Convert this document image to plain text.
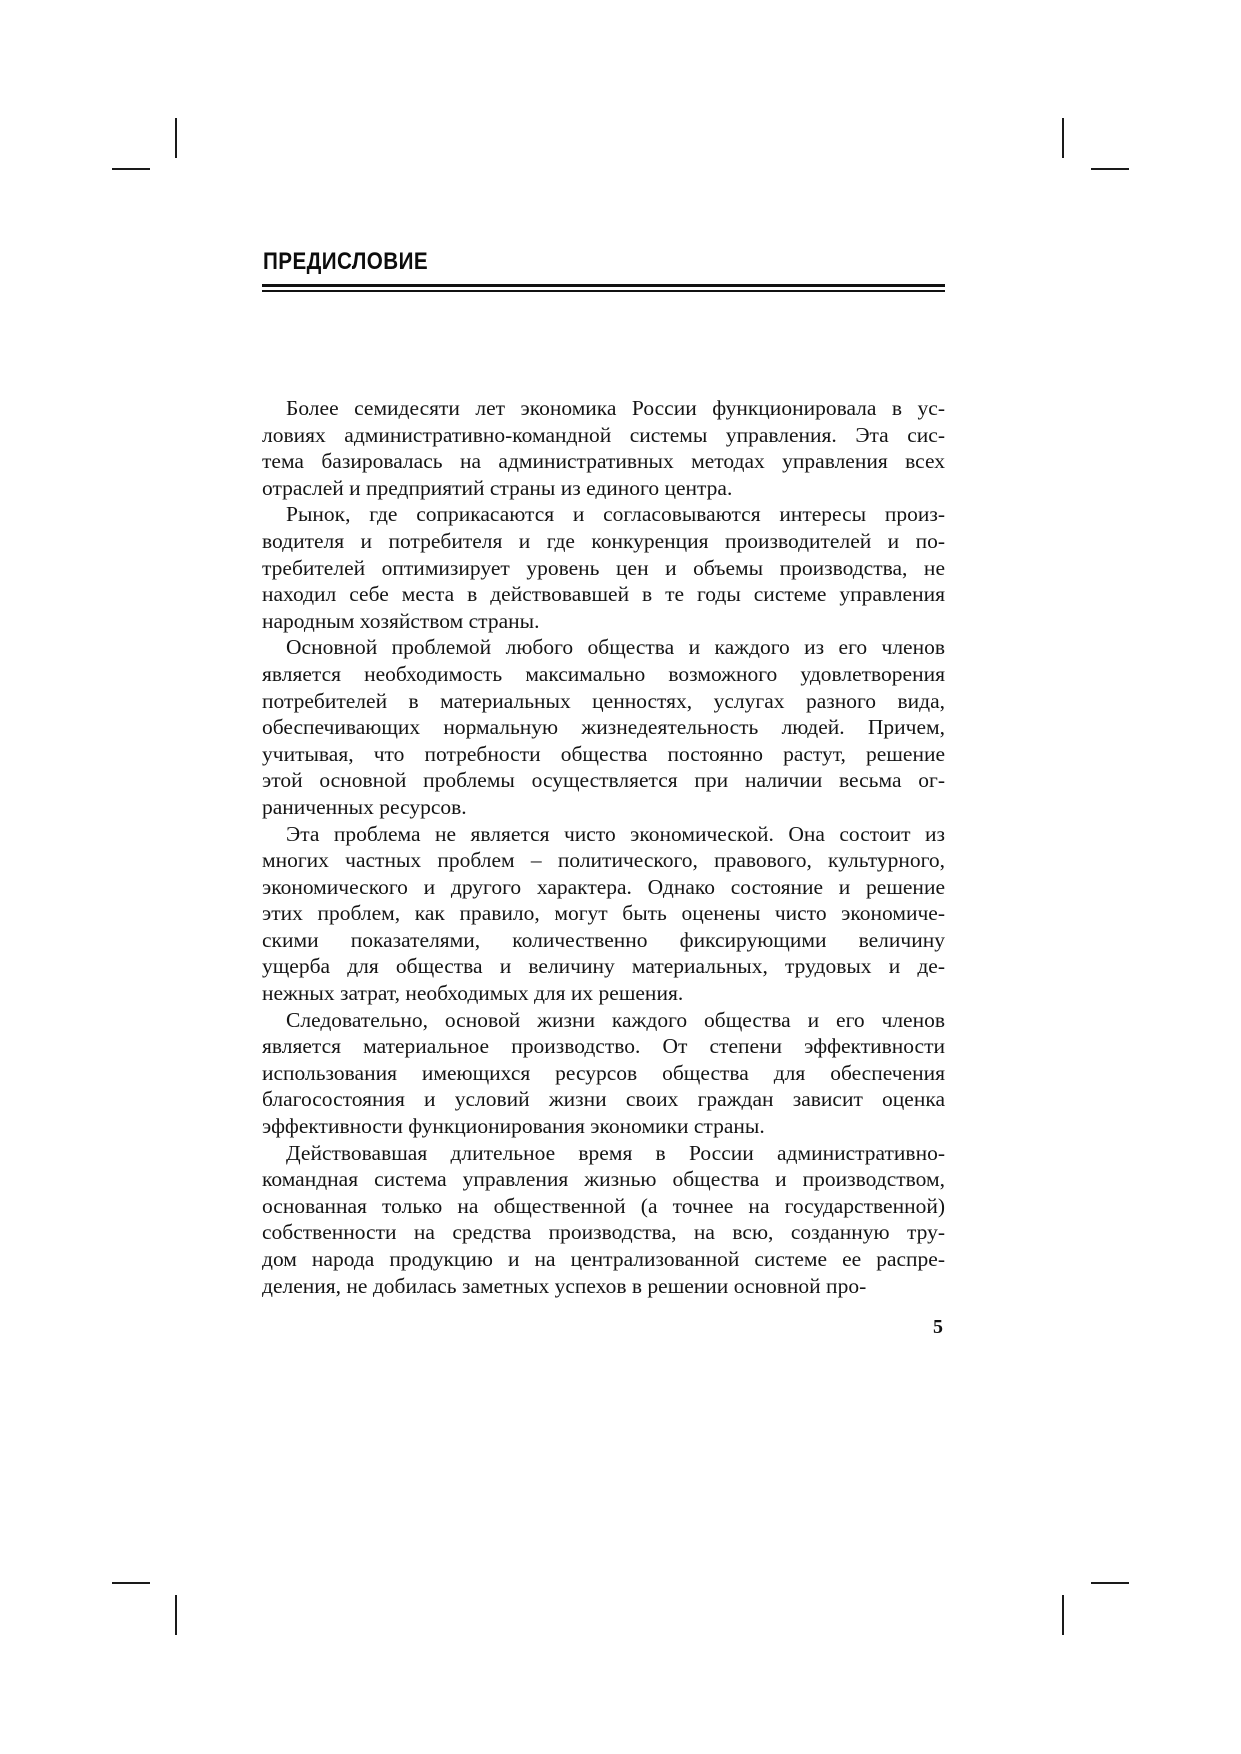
ПРЕДИСЛОВИЕ
Более семидесяти лет экономика России функционировала в ус-
ловиях административно-командной системы управления. Эта сис-
тема базировалась на административных методах управления всех
отраслей и предприятий страны из единого центра.
Рынок, где соприкасаются и согласовываются интересы произ-
водителя и потребителя и где конкуренция производителей и по-
требителей оптимизирует уровень цен и объемы производства, не
находил себе места в действовавшей в те годы системе управления
народным хозяйством страны.
Основной проблемой любого общества и каждого из его членов
является необходимость максимально возможного удовлетворения
потребителей в материальных ценностях, услугах разного вида,
обеспечивающих нормальную жизнедеятельность людей. Причем,
учитывая, что потребности общества постоянно растут, решение
этой основной проблемы осуществляется при наличии весьма ог-
раниченных ресурсов.
Эта проблема не является чисто экономической. Она состоит из
многих частных проблем – политического, правового, культурного,
экономического и другого характера. Однако состояние и решение
этих проблем, как правило, могут быть оценены чисто экономиче-
скими показателями, количественно фиксирующими величину
ущерба для общества и величину материальных, трудовых и де-
нежных затрат, необходимых для их решения.
Следовательно, основой жизни каждого общества и его членов
является материальное производство. От степени эффективности
использования имеющихся ресурсов общества для обеспечения
благосостояния и условий жизни своих граждан зависит оценка
эффективности функционирования экономики страны.
Действовавшая длительное время в России административно-
командная система управления жизнью общества и производством,
основанная только на общественной (а точнее на государственной)
собственности на средства производства, на всю, созданную тру-
дом народа продукцию и на централизованной системе ее распре-
деления, не добилась заметных успехов в решении основной про-
5
